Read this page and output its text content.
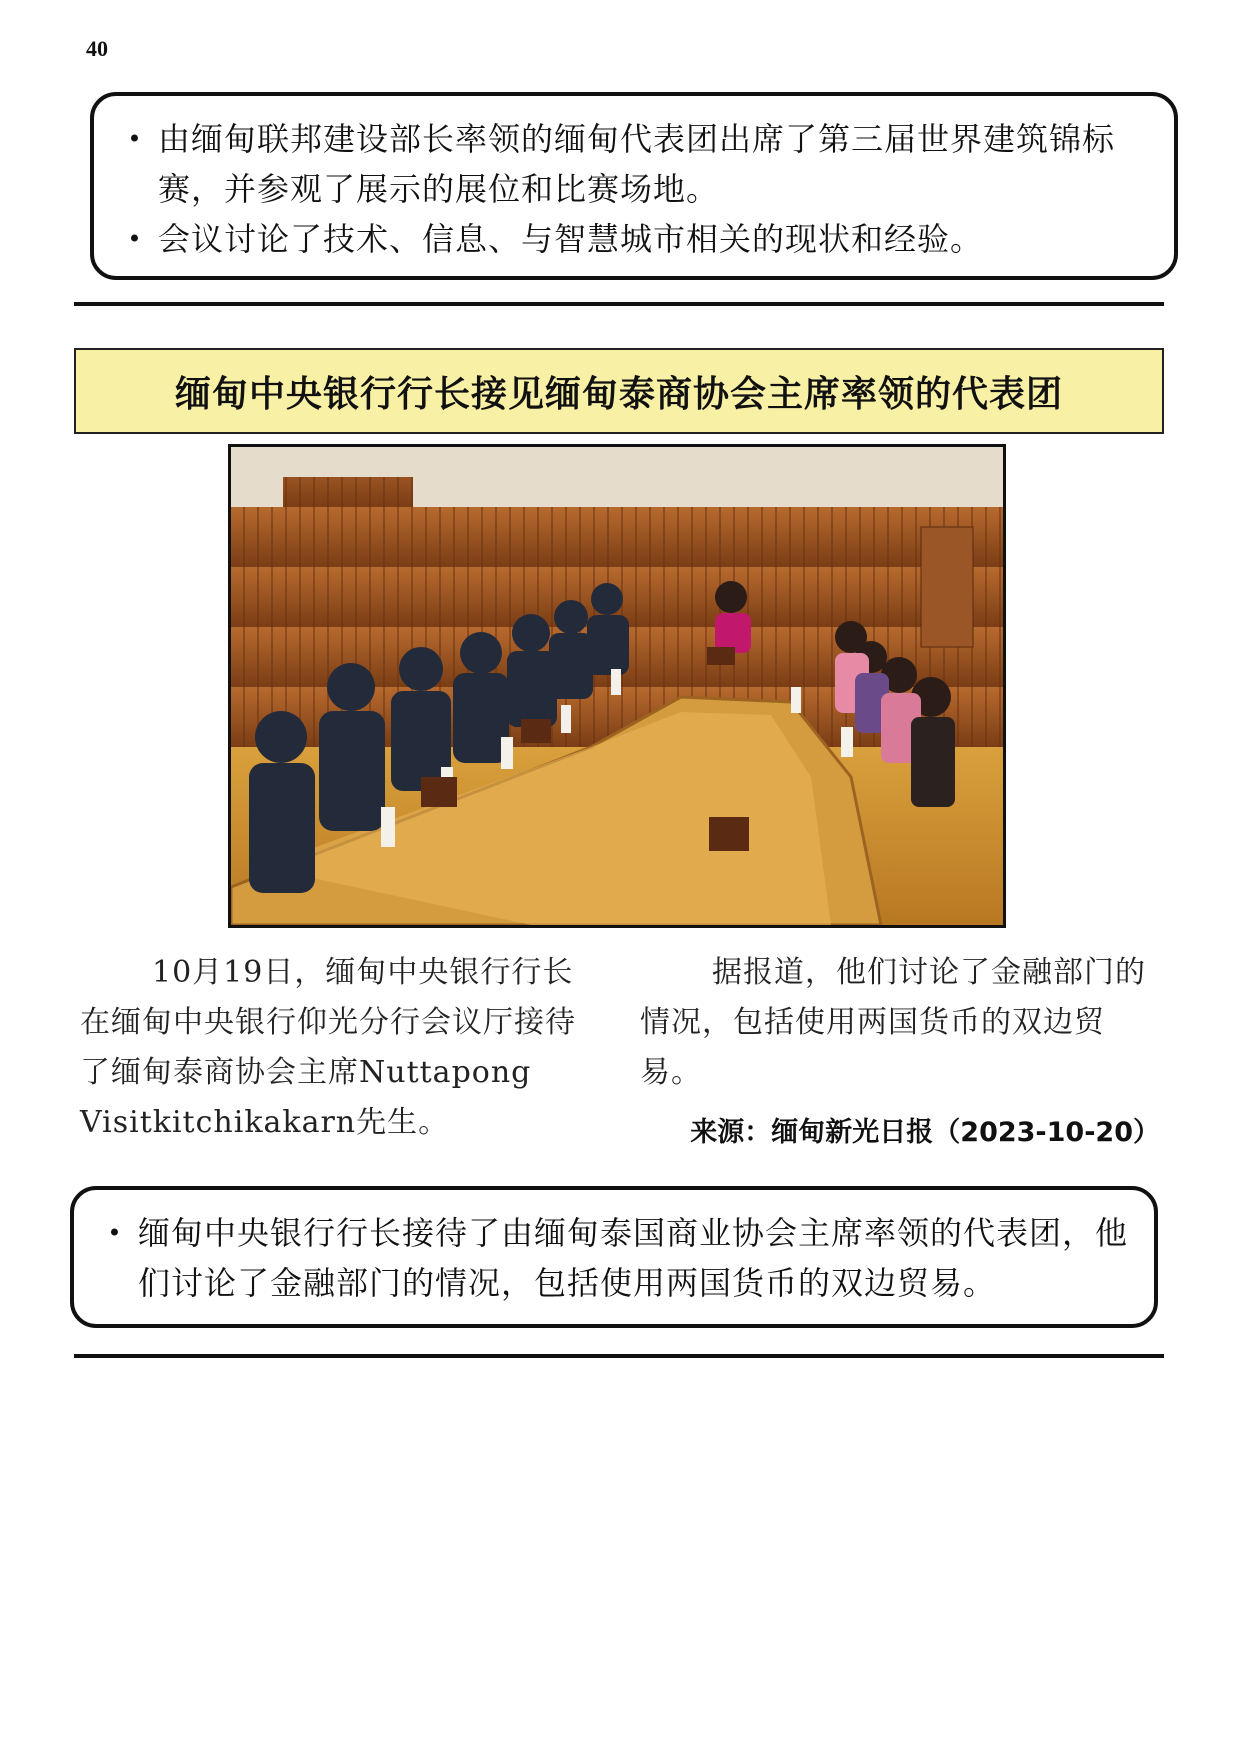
40
• 由缅甸联邦建设部长率领的缅甸代表团出席了第三届世界建筑锦标赛，并参观了展示的展位和比赛场地。
• 会议讨论了技术、信息、与智慧城市相关的现状和经验。
缅甸中央银行行长接见缅甸泰商协会主席率领的代表团
10月19日，缅甸中央银行行长在缅甸中央银行仰光分行会议厅接待了缅甸泰商协会主席Nuttapong Visitkitchikakarn先生。
据报道，他们讨论了金融部门的情况，包括使用两国货币的双边贸易。
来源：缅甸新光日报（2023-10-20）
• 缅甸中央银行行长接待了由缅甸泰国商业协会主席率领的代表团，他们讨论了金融部门的情况，包括使用两国货币的双边贸易。
